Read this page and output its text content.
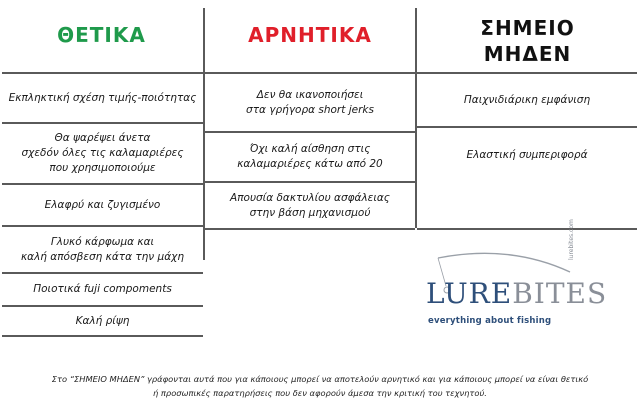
ΘΕΤΙΚΑ	ΑΡΝΗΤΙΚΑ	ΣΗΜΕΙΟ
ΜΗΔΕΝ
Εκπληκτική σχέση τιμής-ποιότητας
Θα ψαρέψει άνετα
σχεδόν όλες τις καλαμαριέρες
που χρησιμοποιούμε
Ελαφρύ και ζυγισμένο
Γλυκό κάρφωμα και
καλή απόσβεση κάτα την μάχη
Ποιοτικά fuji compoments
Καλή ρίψη
Δεν θα ικανοποιήσει
στα γρήγορα short jerks
Όχι καλή αίσθηση στις
καλαμαριέρες κάτω από 20
Απουσία δακτυλίου ασφάλειας
στην βάση μηχανισμού
Παιχνιδιάρικη εμφάνιση
Ελαστική συμπεριφορά
LUREBITES
everything about fishing
lurebites.com
Στο “ΣΗΜΕΙΟ ΜΗΔΕΝ” γράφονται αυτά που για κάποιους μπορεί να αποτελούν αρνητικό και για κάποιους μπορεί να είναι θετικό
ή προσωπικές παρατηρήσεις που δεν αφορούν άμεσα την κριτική του τεχνητού.
